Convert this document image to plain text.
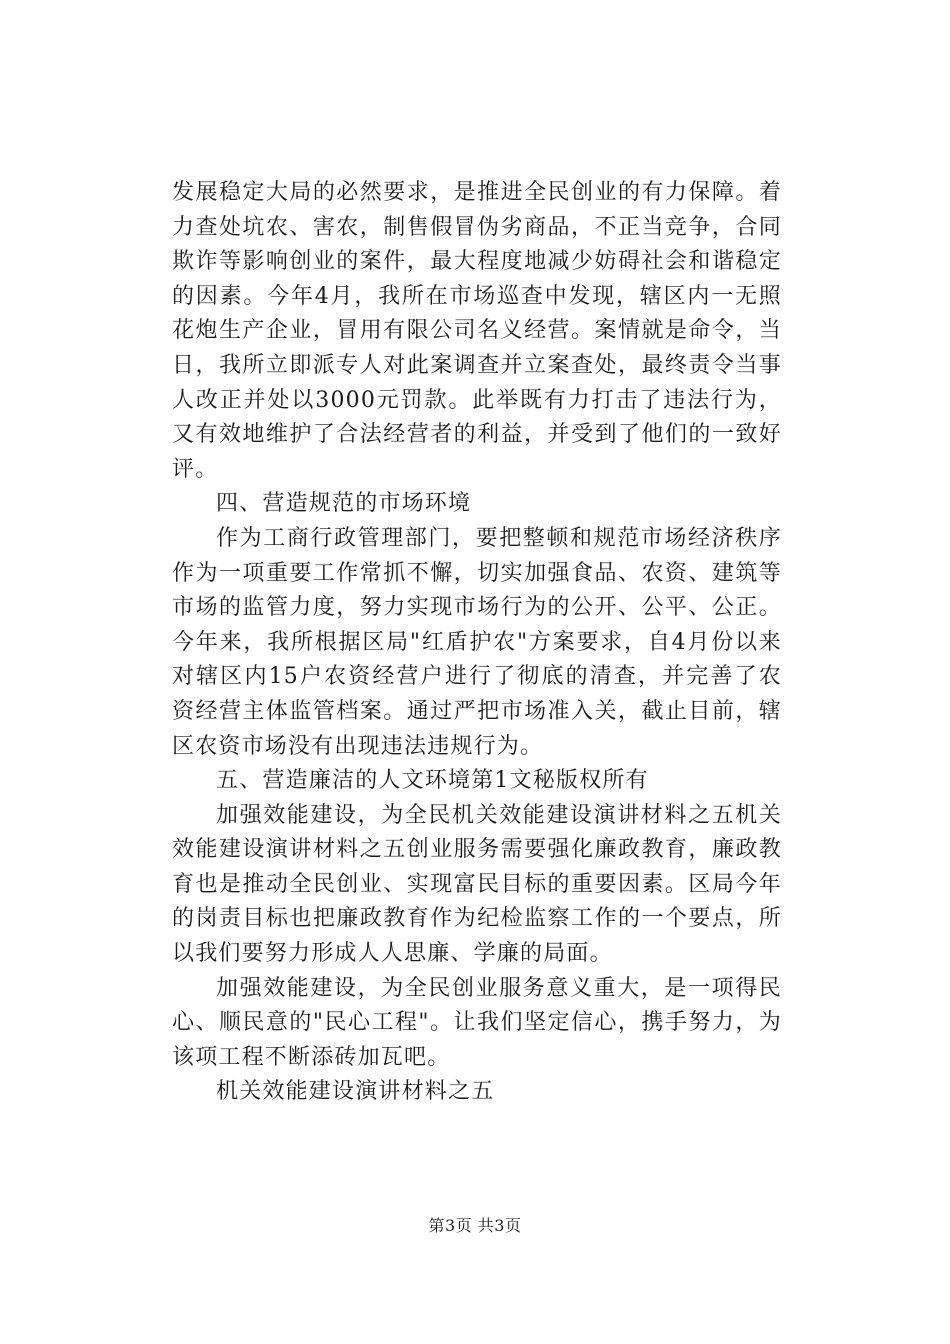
发展稳定大局的必然要求，是推进全民创业的有力保障。着力查处坑农、害农，制售假冒伪劣商品，不正当竞争，合同欺诈等影响创业的案件，最大程度地减少妨碍社会和谐稳定的因素。今年4月，我所在市场巡查中发现，辖区内一无照花炮生产企业，冒用有限公司名义经营。案情就是命令，当日，我所立即派专人对此案调查并立案查处，最终责令当事人改正并处以3000元罚款。此举既有力打击了违法行为，又有效地维护了合法经营者的利益，并受到了他们的一致好评。

四、营造规范的市场环境

作为工商行政管理部门，要把整顿和规范市场经济秩序作为一项重要工作常抓不懈，切实加强食品、农资、建筑等市场的监管力度，努力实现市场行为的公开、公平、公正。今年来，我所根据区局"红盾护农"方案要求，自4月份以来对辖区内15户农资经营户进行了彻底的清查，并完善了农资经营主体监管档案。通过严把市场准入关，截止目前，辖区农资市场没有出现违法违规行为。

五、营造廉洁的人文环境第1文秘版权所有

加强效能建设，为全民机关效能建设演讲材料之五机关效能建设演讲材料之五创业服务需要强化廉政教育，廉政教育也是推动全民创业、实现富民目标的重要因素。区局今年的岗责目标也把廉政教育作为纪检监察工作的一个要点，所以我们要努力形成人人思廉、学廉的局面。

加强效能建设，为全民创业服务意义重大，是一项得民心、顺民意的"民心工程"。让我们坚定信心，携手努力，为该项工程不断添砖加瓦吧。

机关效能建设演讲材料之五

第3页 共3页
